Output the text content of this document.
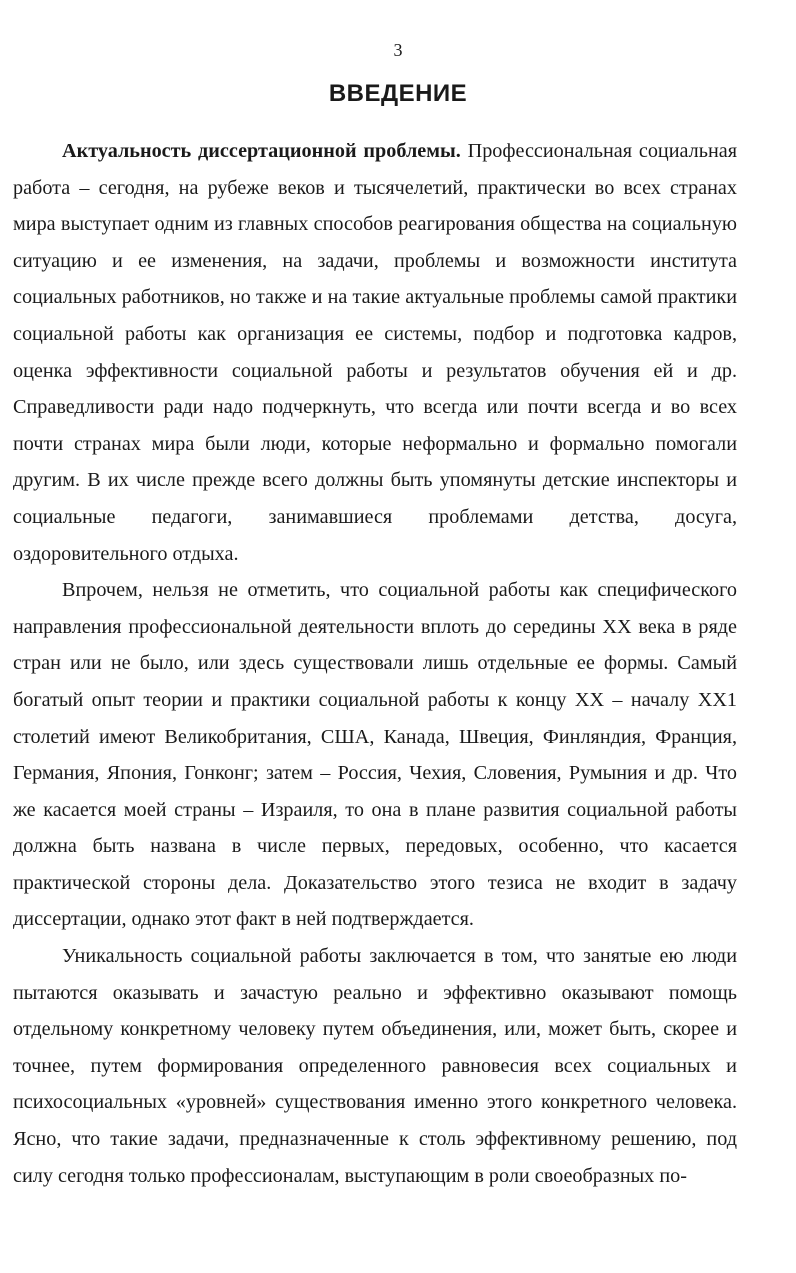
3
ВВЕДЕНИЕ

Актуальность диссертационной проблемы. Профессиональная социальная работа – сегодня, на рубеже веков и тысячелетий, практически во всех странах мира выступает одним из главных способов реагирования общества на социальную ситуацию и ее изменения, на задачи, проблемы и возможности института социальных работников, но также и на такие актуальные проблемы самой практики социальной работы как организация ее системы, подбор и подготовка кадров, оценка эффективности социальной работы и результатов обучения ей и др. Справедливости ради надо подчеркнуть, что всегда или почти всегда и во всех почти странах мира были люди, которые неформально и формально помогали другим. В их числе прежде всего должны быть упомянуты детские инспекторы и социальные педагоги, занимавшиеся проблемами детства, досуга, оздоровительного отдыха.

Впрочем, нельзя не отметить, что социальной работы как специфического направления профессиональной деятельности вплоть до середины XX века в ряде стран или не было, или здесь существовали лишь отдельные ее формы. Самый богатый опыт теории и практики социальной работы к концу XX – началу XX1 столетий имеют Великобритания, США, Канада, Швеция, Финляндия, Франция, Германия, Япония, Гонконг; затем – Россия, Чехия, Словения, Румыния и др. Что же касается моей страны – Израиля, то она в плане развития социальной работы должна быть названа в числе первых, передовых, особенно, что касается практической стороны дела. Доказательство этого тезиса не входит в задачу диссертации, однако этот факт в ней подтверждается.

Уникальность социальной работы заключается в том, что занятые ею люди пытаются оказывать и зачастую реально и эффективно оказывают помощь отдельному конкретному человеку путем объединения, или, может быть, скорее и точнее, путем формирования определенного равновесия всех социальных и психосоциальных «уровней» существования именно этого конкретного человека. Ясно, что такие задачи, предназначенные к столь эффективному решению, под силу сегодня только профессионалам, выступающим в роли своеобразных по-
